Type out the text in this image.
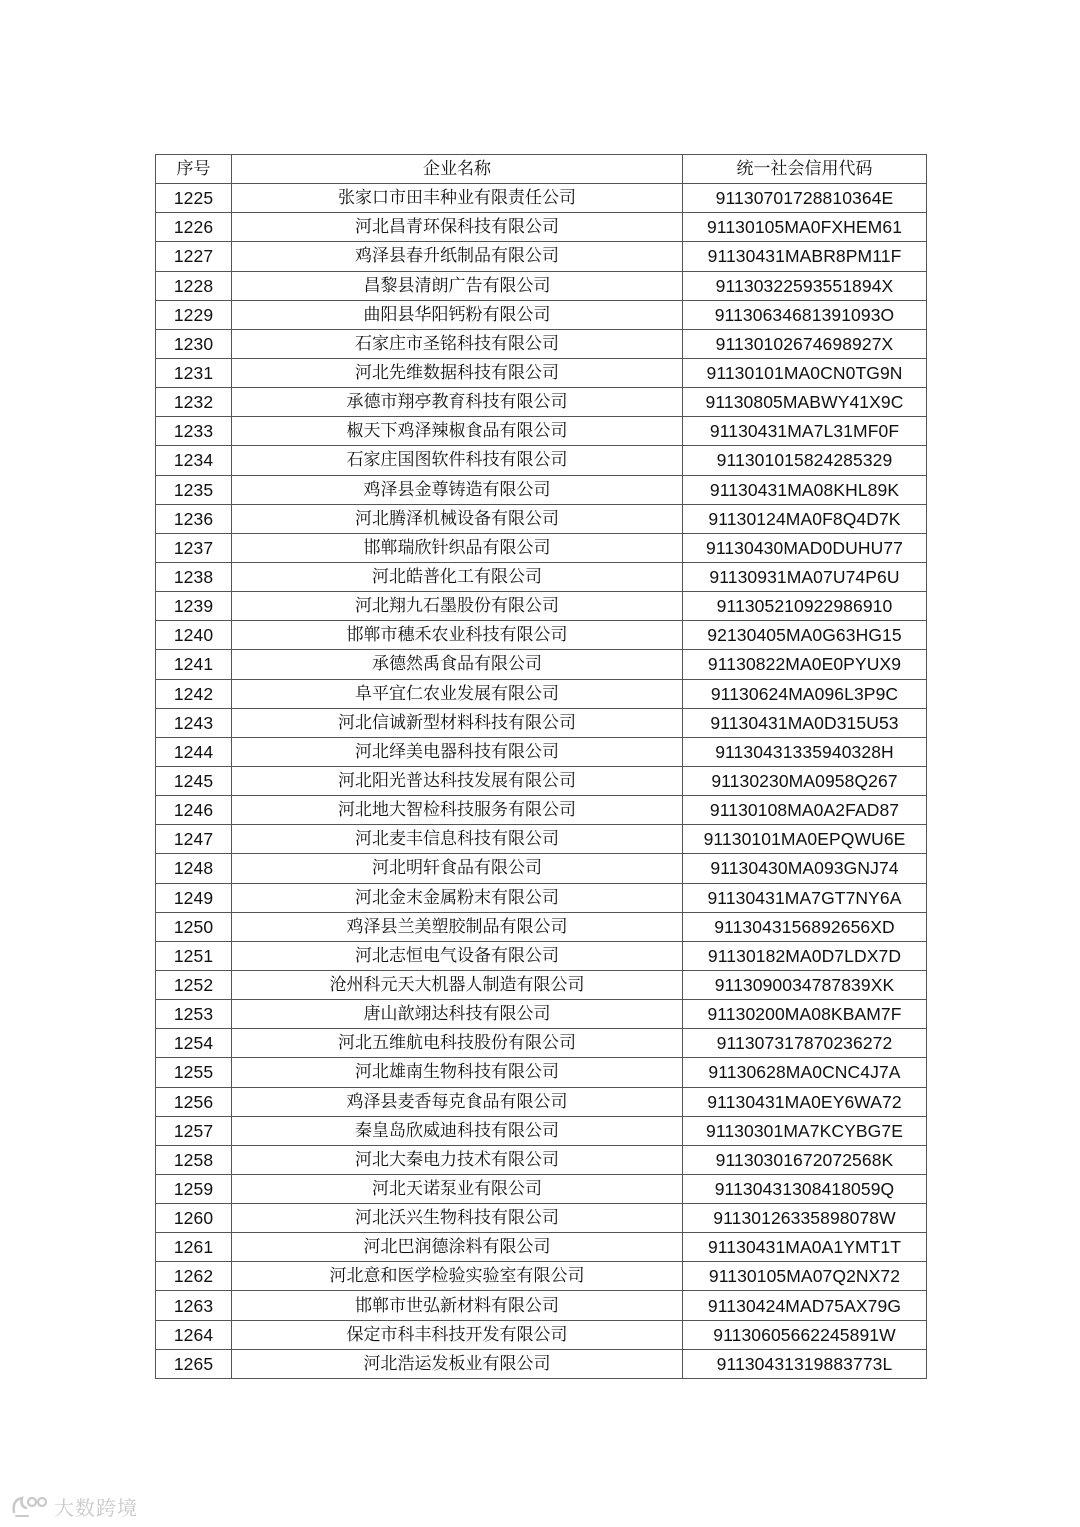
序号	企业名称	统一社会信用代码
1225	张家口市田丰种业有限责任公司	91130701728810364E
1226	河北昌青环保科技有限公司	91130105MA0FXHEM61
1227	鸡泽县春升纸制品有限公司	91130431MABR8PM11F
1228	昌黎县清朗广告有限公司	91130322593551894X
1229	曲阳县华阳钙粉有限公司	91130634681391093O
1230	石家庄市圣铭科技有限公司	91130102674698927X
1231	河北先维数据科技有限公司	91130101MA0CN0TG9N
1232	承德市翔亭教育科技有限公司	91130805MABWY41X9C
1233	椒天下鸡泽辣椒食品有限公司	91130431MA7L31MF0F
1234	石家庄国图软件科技有限公司	911301015824285329
1235	鸡泽县金尊铸造有限公司	91130431MA08KHL89K
1236	河北腾泽机械设备有限公司	91130124MA0F8Q4D7K
1237	邯郸瑞欣针织品有限公司	91130430MAD0DUHU77
1238	河北皓普化工有限公司	91130931MA07U74P6U
1239	河北翔九石墨股份有限公司	911305210922986910
1240	邯郸市穗禾农业科技有限公司	92130405MA0G63HG15
1241	承德然禹食品有限公司	91130822MA0E0PYUX9
1242	阜平宜仁农业发展有限公司	91130624MA096L3P9C
1243	河北信诚新型材料科技有限公司	91130431MA0D315U53
1244	河北绎美电器科技有限公司	91130431335940328H
1245	河北阳光普达科技发展有限公司	91130230MA0958Q267
1246	河北地大智检科技服务有限公司	91130108MA0A2FAD87
1247	河北麦丰信息科技有限公司	91130101MA0EPQWU6E
1248	河北明轩食品有限公司	91130430MA093GNJ74
1249	河北金末金属粉末有限公司	91130431MA7GT7NY6A
1250	鸡泽县兰美塑胶制品有限公司	9113043156892656XD
1251	河北志恒电气设备有限公司	91130182MA0D7LDX7D
1252	沧州科元天大机器人制造有限公司	9113090034787839XK
1253	唐山歆翊达科技有限公司	91130200MA08KBAM7F
1254	河北五维航电科技股份有限公司	911307317870236272
1255	河北雄南生物科技有限公司	91130628MA0CNC4J7A
1256	鸡泽县麦香每克食品有限公司	91130431MA0EY6WA72
1257	秦皇岛欣威迪科技有限公司	91130301MA7KCYBG7E
1258	河北大秦电力技术有限公司	91130301672072568K
1259	河北天诺泵业有限公司	91130431308418059Q
1260	河北沃兴生物科技有限公司	91130126335898078W
1261	河北巴润德涂料有限公司	91130431MA0A1YMT1T
1262	河北意和医学检验实验室有限公司	91130105MA07Q2NX72
1263	邯郸市世弘新材料有限公司	91130424MAD75AX79G
1264	保定市科丰科技开发有限公司	91130605662245891W
1265	河北浩运发板业有限公司	91130431319883773L
大数跨境
